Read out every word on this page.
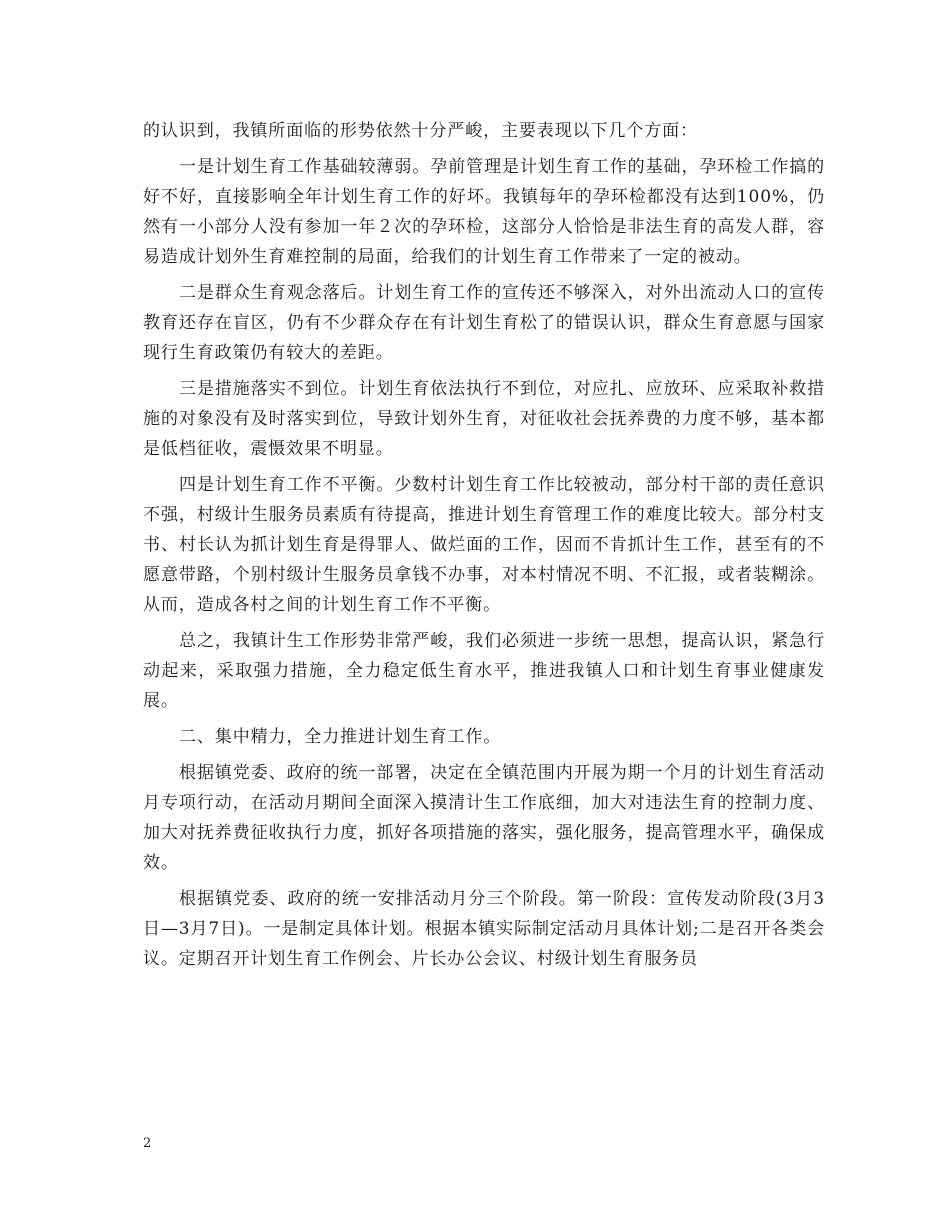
的认识到，我镇所面临的形势依然十分严峻，主要表现以下几个方面：

一是计划生育工作基础较薄弱。孕前管理是计划生育工作的基础，孕环检工作搞的好不好，直接影响全年计划生育工作的好坏。我镇每年的孕环检都没有达到100%，仍然有一小部分人没有参加一年２次的孕环检，这部分人恰恰是非法生育的高发人群，容易造成计划外生育难控制的局面，给我们的计划生育工作带来了一定的被动。

二是群众生育观念落后。计划生育工作的宣传还不够深入，对外出流动人口的宣传教育还存在盲区，仍有不少群众存在有计划生育松了的错误认识，群众生育意愿与国家现行生育政策仍有较大的差距。

三是措施落实不到位。计划生育依法执行不到位，对应扎、应放环、应采取补救措施的对象没有及时落实到位，导致计划外生育，对征收社会抚养费的力度不够，基本都是低档征收，震慑效果不明显。

四是计划生育工作不平衡。少数村计划生育工作比较被动，部分村干部的责任意识不强，村级计生服务员素质有待提高，推进计划生育管理工作的难度比较大。部分村支书、村长认为抓计划生育是得罪人、做烂面的工作，因而不肯抓计生工作，甚至有的不愿意带路，个别村级计生服务员拿钱不办事，对本村情况不明、不汇报，或者装糊涂。从而，造成各村之间的计划生育工作不平衡。

总之，我镇计生工作形势非常严峻，我们必须进一步统一思想，提高认识，紧急行动起来，采取强力措施，全力稳定低生育水平，推进我镇人口和计划生育事业健康发展。

二、集中精力，全力推进计划生育工作。

根据镇党委、政府的统一部署，决定在全镇范围内开展为期一个月的计划生育活动月专项行动，在活动月期间全面深入摸清计生工作底细，加大对违法生育的控制力度、加大对抚养费征收执行力度，抓好各项措施的落实，强化服务，提高管理水平，确保成效。

根据镇党委、政府的统一安排活动月分三个阶段。第一阶段：宣传发动阶段(3月3日—3月7日)。一是制定具体计划。根据本镇实际制定活动月具体计划;二是召开各类会议。定期召开计划生育工作例会、片长办公会议、村级计划生育服务员

2
